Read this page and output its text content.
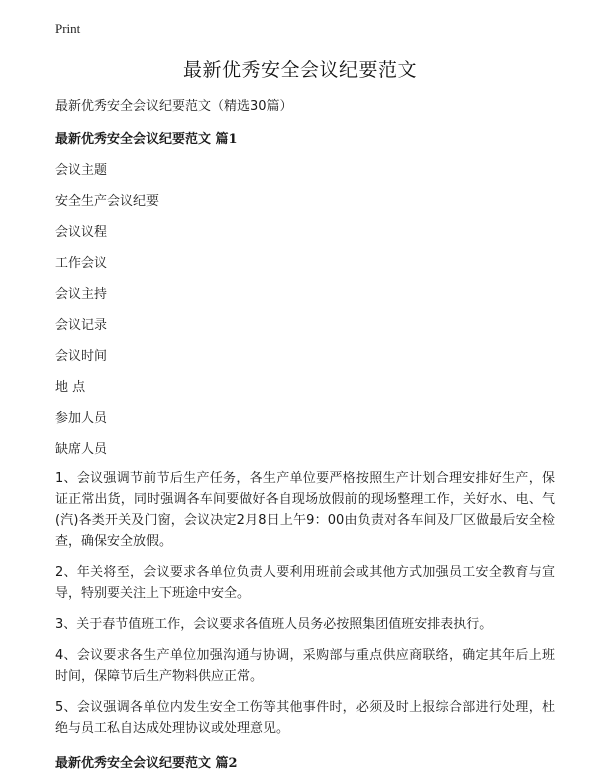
Print
最新优秀安全会议纪要范文

最新优秀安全会议纪要范文（精选30篇）

最新优秀安全会议纪要范文 篇1
会议主题
安全生产会议纪要
会议议程
工作会议
会议主持
会议记录
会议时间
地 点
参加人员
缺席人员

1、会议强调节前节后生产任务，各生产单位要严格按照生产计划合理安排好生产，保证正常出货，同时强调各车间要做好各自现场放假前的现场整理工作，关好水、电、气(汽)各类开关及门窗，会议决定2月8日上午9：00由负责对各车间及厂区做最后安全检查，确保安全放假。

2、年关将至，会议要求各单位负责人要利用班前会或其他方式加强员工安全教育与宣导，特别要关注上下班途中安全。

3、关于春节值班工作，会议要求各值班人员务必按照集团值班安排表执行。

4、会议要求各生产单位加强沟通与协调，采购部与重点供应商联络，确定其年后上班时间，保障节后生产物料供应正常。

5、会议强调各单位内发生安全工伤等其他事件时，必须及时上报综合部进行处理，杜绝与员工私自达成处理协议或处理意见。

最新优秀安全会议纪要范文 篇2
